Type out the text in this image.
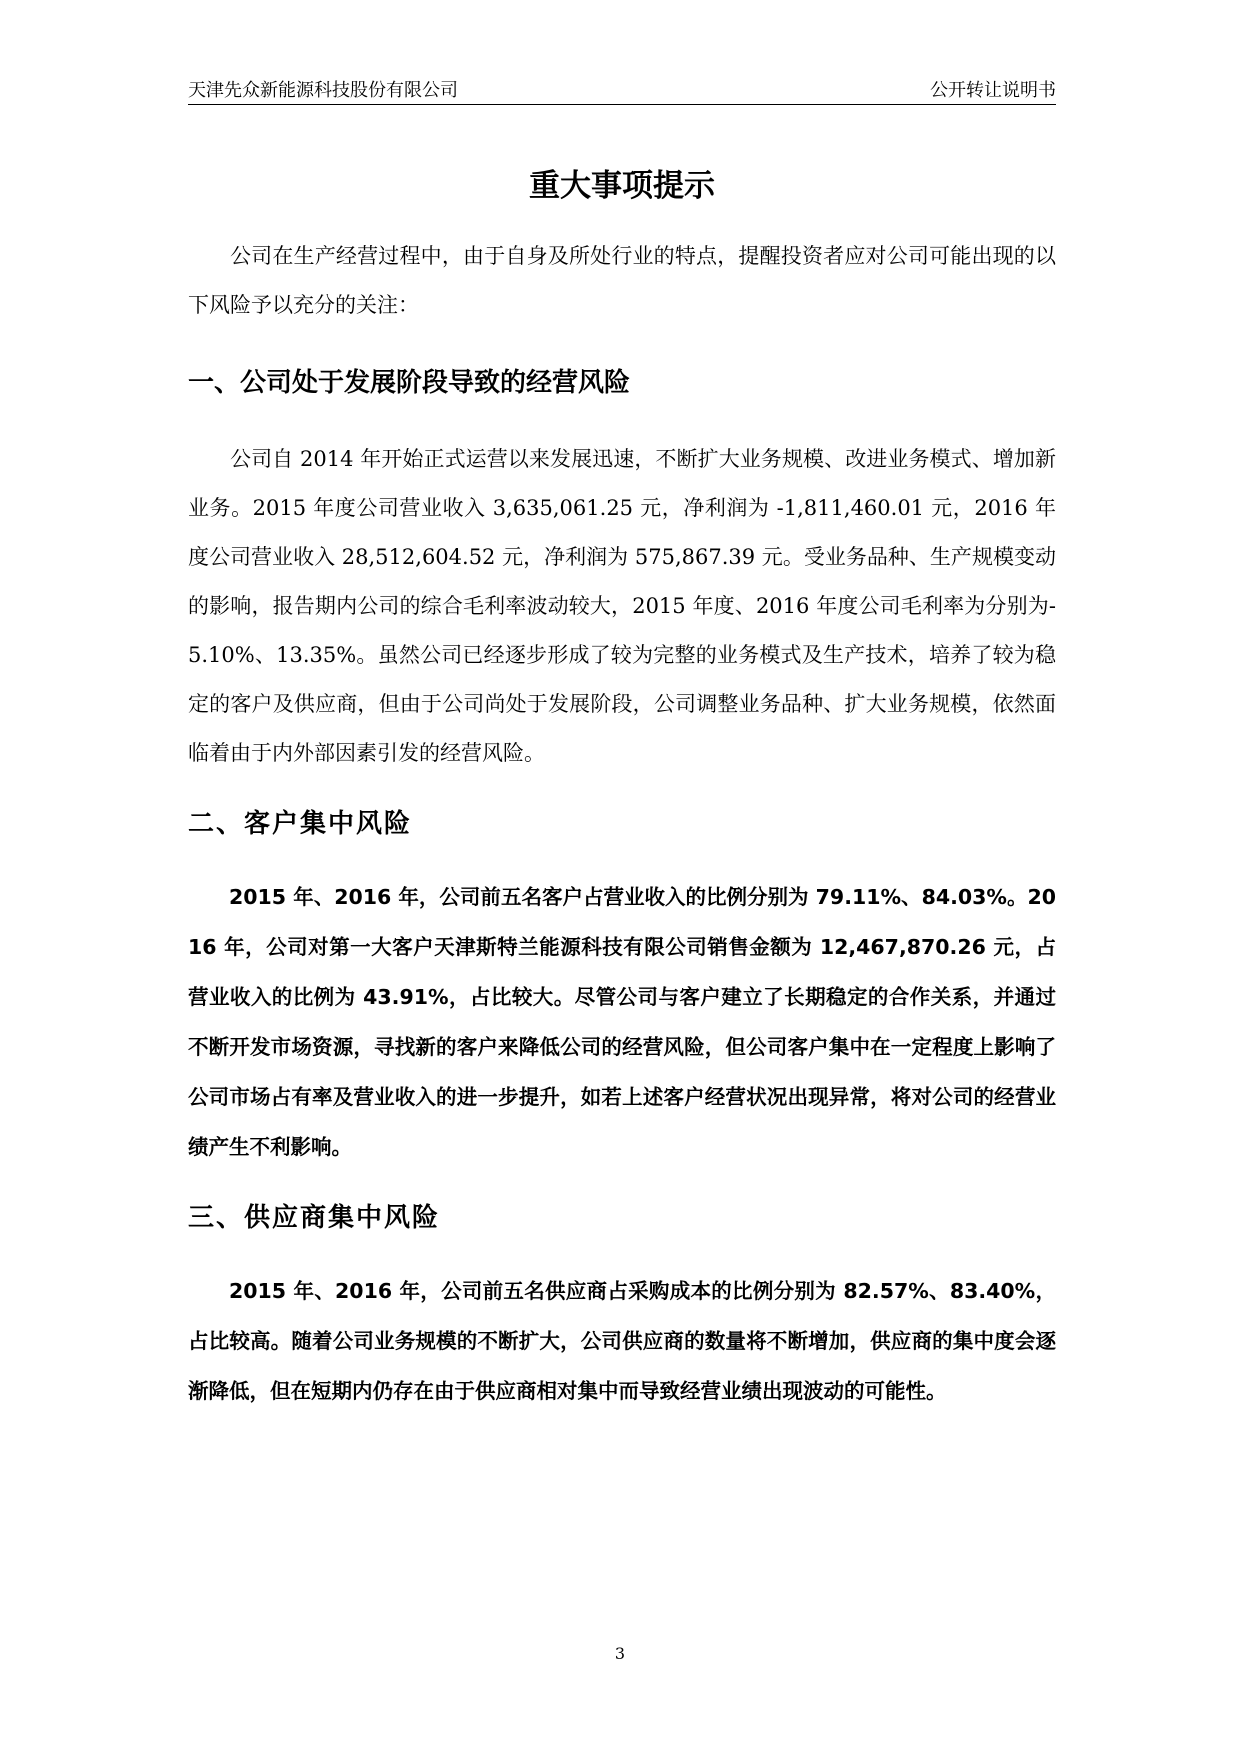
天津先众新能源科技股份有限公司	公开转让说明书
重大事项提示

公司在生产经营过程中，由于自身及所处行业的特点，提醒投资者应对公司可能出现的以下风险予以充分的关注：

一、公司处于发展阶段导致的经营风险

公司自 2014 年开始正式运营以来发展迅速，不断扩大业务规模、改进业务模式、增加新业务。2015 年度公司营业收入 3,635,061.25 元，净利润为 -1,811,460.01 元，2016 年度公司营业收入 28,512,604.52 元，净利润为 575,867.39 元。受业务品种、生产规模变动的影响，报告期内公司的综合毛利率波动较大，2015 年度、2016 年度公司毛利率为分别为-5.10%、13.35%。虽然公司已经逐步形成了较为完整的业务模式及生产技术，培养了较为稳定的客户及供应商，但由于公司尚处于发展阶段，公司调整业务品种、扩大业务规模，依然面临着由于内外部因素引发的经营风险。

二、客户集中风险

2015 年、2016 年，公司前五名客户占营业收入的比例分别为 79.11%、84.03%。2016 年，公司对第一大客户天津斯特兰能源科技有限公司销售金额为 12,467,870.26 元，占营业收入的比例为 43.91%，占比较大。尽管公司与客户建立了长期稳定的合作关系，并通过不断开发市场资源，寻找新的客户来降低公司的经营风险，但公司客户集中在一定程度上影响了公司市场占有率及营业收入的进一步提升，如若上述客户经营状况出现异常，将对公司的经营业绩产生不利影响。

三、供应商集中风险

2015 年、2016 年，公司前五名供应商占采购成本的比例分别为 82.57%、83.40%，占比较高。随着公司业务规模的不断扩大，公司供应商的数量将不断增加，供应商的集中度会逐渐降低，但在短期内仍存在由于供应商相对集中而导致经营业绩出现波动的可能性。

3
